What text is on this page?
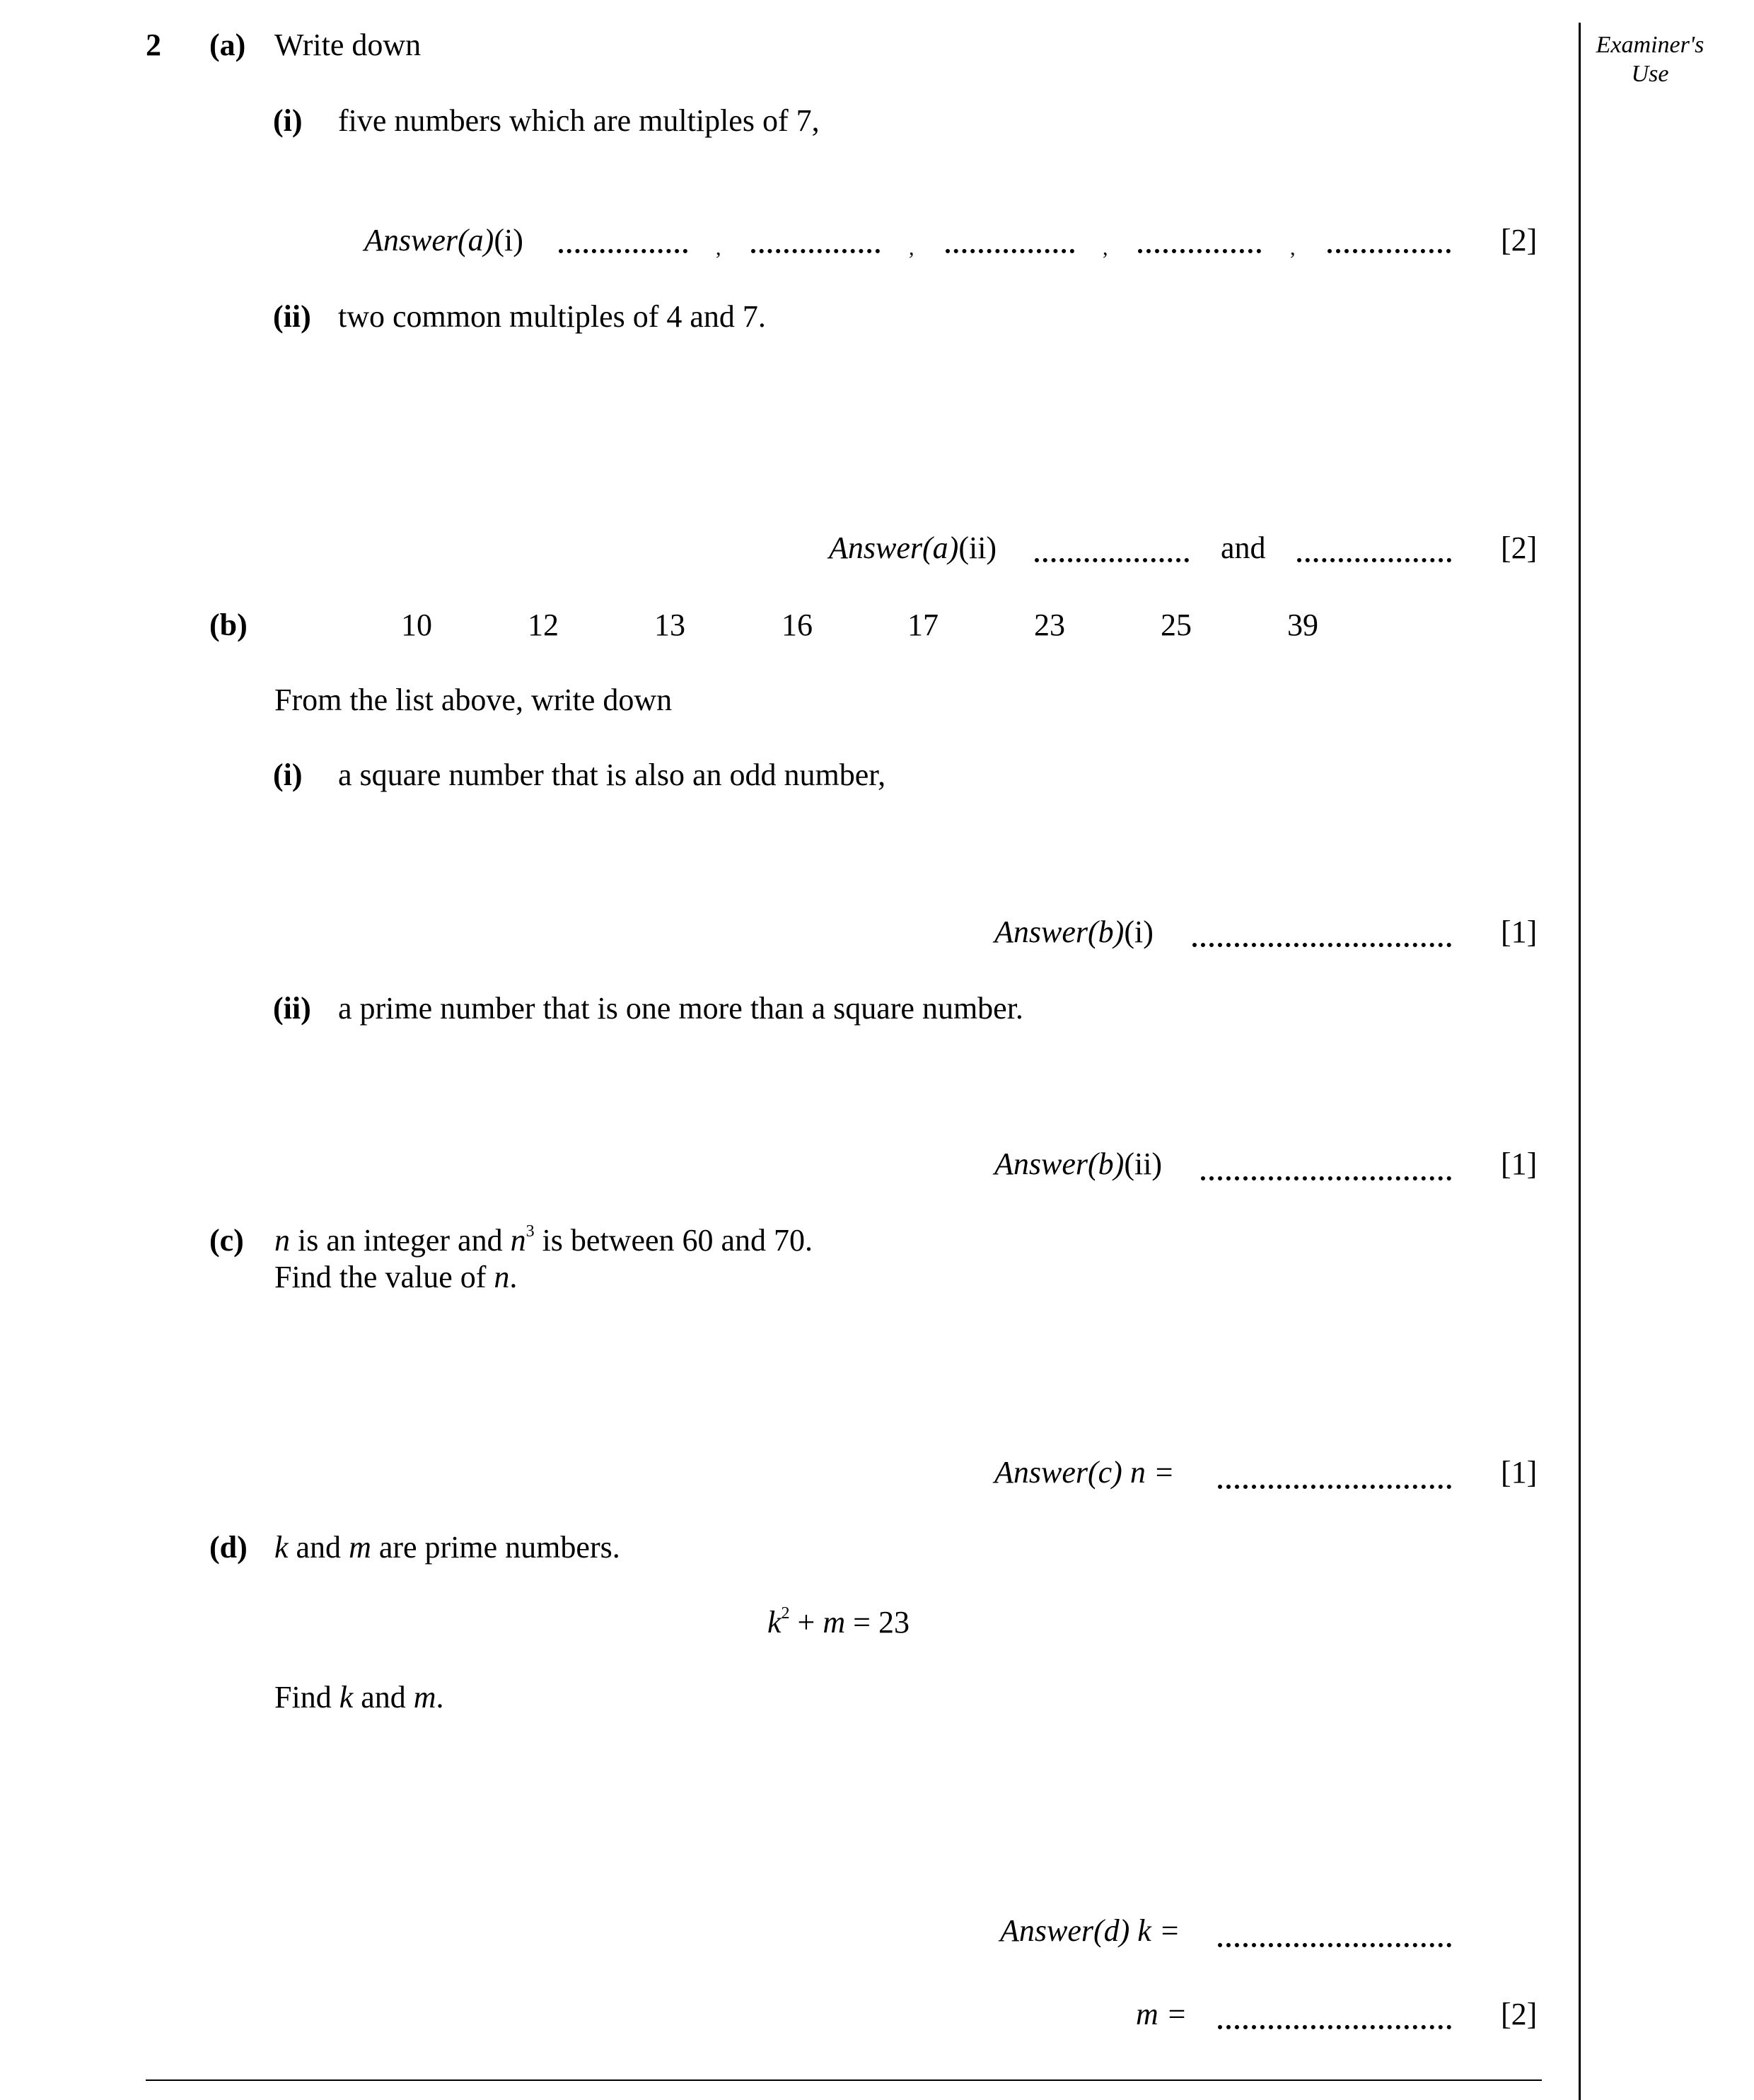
Examiner's
Use
2 (a) Write down
(i) five numbers which are multiples of 7,
Answer(a)(i)	,	,	,	,	[2]
(ii) two common multiples of 4 and 7.
Answer(a)(ii)	and	[2]
(b)	10	12	13	16	17	23	25	39
From the list above, write down
(i) a square number that is also an odd number,
Answer(b)(i)	[1]
(ii) a prime number that is one more than a square number.
Answer(b)(ii)	[1]
(c) n is an integer and $n^3$ is between 60 and 70.
Find the value of n.
Answer(c) n =	[1]
(d) k and m are prime numbers.
$k^2 + m = 23$
Find k and m.
Answer(d) k =
m =	[2]
